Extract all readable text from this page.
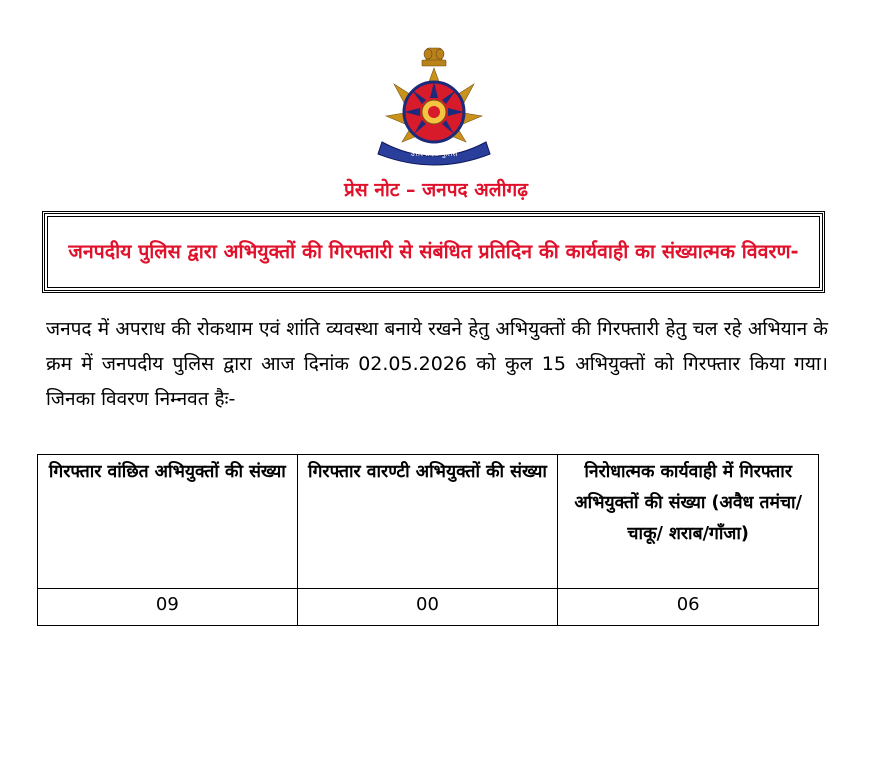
उत्तर प्रदेश पुलिस
प्रेस नोट – जनपद अलीगढ़
जनपदीय पुलिस द्वारा अभियुक्तों की गिरफ्तारी से संबंधित प्रतिदिन की कार्यवाही का संख्यात्मक विवरण-
जनपद में अपराध की रोकथाम एवं शांति व्यवस्था बनाये रखने हेतु अभियुक्तों की गिरफ्तारी हेतु चल रहे अभियान के क्रम में जनपदीय पुलिस द्वारा आज दिनांक 02.05.2026 को कुल 15 अभियुक्तों को गिरफ्तार किया गया। जिनका विवरण निम्नवत हैः-
गिरफ्तार वांछित अभियुक्तों की संख्या	गिरफ्तार वारण्टी अभियुक्तों की संख्या	निरोधात्मक कार्यवाही में गिरफ्तार अभियुक्तों की संख्या (अवैध तमंचा/चाकू/ शराब/गाँजा)
09	00	06
